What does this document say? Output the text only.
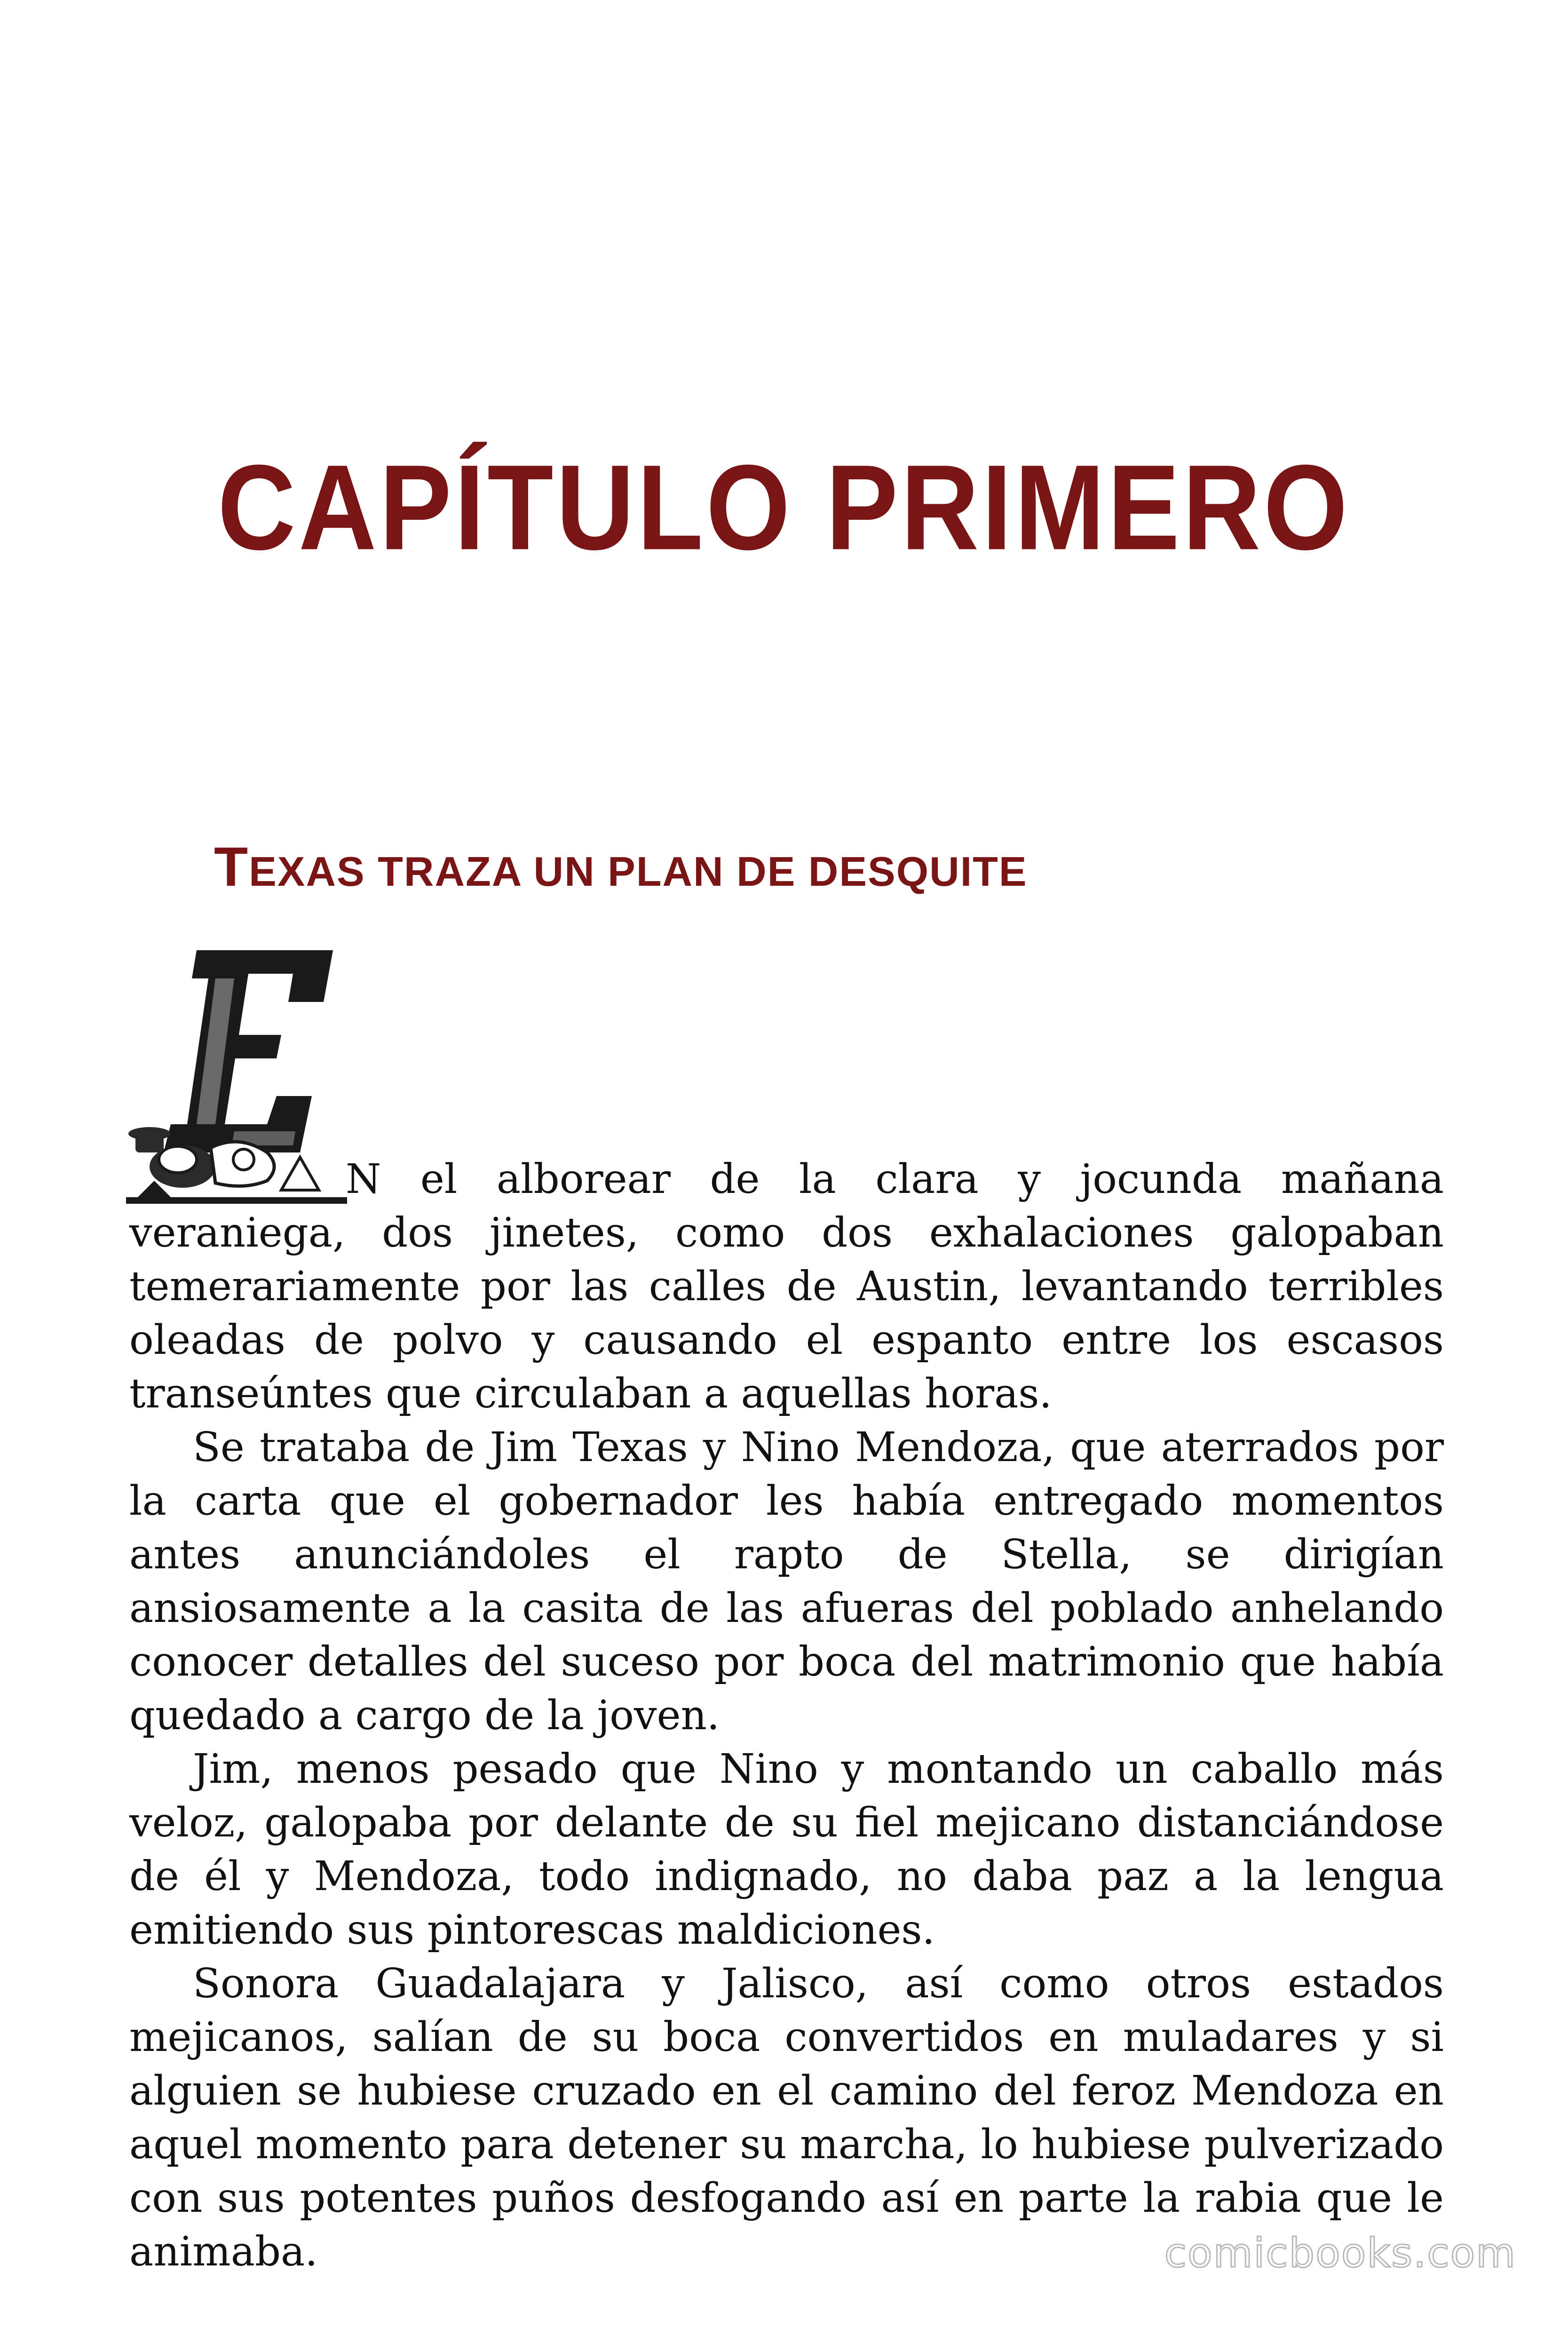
CAPÍTULO PRIMERO
TEXAS TRAZA UN PLAN DE DESQUITE

N el alborear de la clara y jocunda mañana veraniega, dos jinetes, como dos exhalaciones galopaban temerariamente por las calles de Austin, levantando terribles oleadas de polvo y causando el espanto entre los escasos transeúntes que circulaban a aquellas horas.

Se trataba de Jim Texas y Nino Mendoza, que aterrados por la carta que el gobernador les había entregado momentos antes anunciándoles el rapto de Stella, se dirigían ansiosamente a la casita de las afueras del poblado anhelando conocer detalles del suceso por boca del matrimonio que había quedado a cargo de la joven.

Jim, menos pesado que Nino y montando un caballo más veloz, galopaba por delante de su fiel mejicano distanciándose de él y Mendoza, todo indignado, no daba paz a la lengua emitiendo sus pintorescas maldiciones.

Sonora Guadalajara y Jalisco, así como otros estados mejicanos, salían de su boca convertidos en muladares y si alguien se hubiese cruzado en el camino del feroz Mendoza en aquel momento para detener su marcha, lo hubiese pulverizado con sus potentes puños desfogando así en parte la rabia que le animaba.	comicbooks.com
